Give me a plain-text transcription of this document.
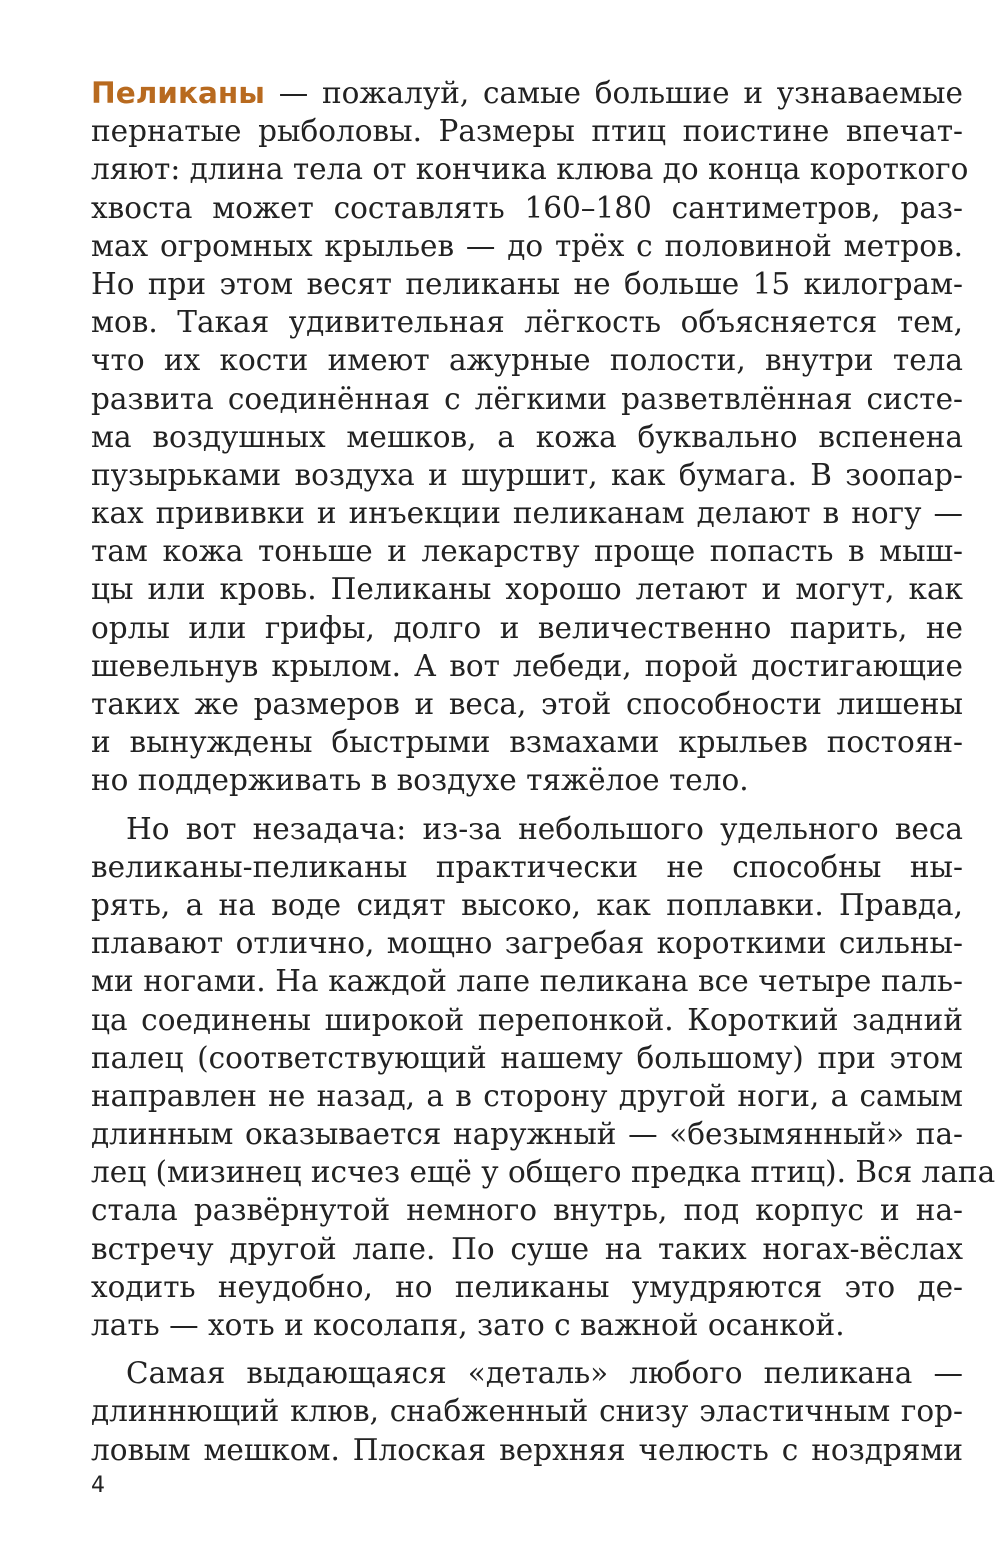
Пеликаны — пожалуй, самые большие и узнаваемые
пернатые рыболовы. Размеры птиц поистине впечат-
ляют: длина тела от кончика клюва до конца короткого
хвоста может составлять 160–180 сантиметров, раз-
мах огромных крыльев — до трёх с половиной метров.
Но при этом весят пеликаны не больше 15 килограм-
мов. Такая удивительная лёгкость объясняется тем,
что их кости имеют ажурные полости, внутри тела
развита соединённая с лёгкими разветвлённая систе-
ма воздушных мешков, а кожа буквально вспенена
пузырьками воздуха и шуршит, как бумага. В зоопар-
ках прививки и инъекции пеликанам делают в ногу —
там кожа тоньше и лекарству проще попасть в мыш-
цы или кровь. Пеликаны хорошо летают и могут, как
орлы или грифы, долго и величественно парить, не
шевельнув крылом. А вот лебеди, порой достигающие
таких же размеров и веса, этой способности лишены
и вынуждены быстрыми взмахами крыльев постоян-
но поддерживать в воздухе тяжёлое тело.
Но вот незадача: из-за небольшого удельного веса
великаны-пеликаны практически не способны ны-
рять, а на воде сидят высоко, как поплавки. Правда,
плавают отлично, мощно загребая короткими сильны-
ми ногами. На каждой лапе пеликана все четыре паль-
ца соединены широкой перепонкой. Короткий задний
палец (соответствующий нашему большому) при этом
направлен не назад, а в сторону другой ноги, а самым
длинным оказывается наружный — «безымянный» па-
лец (мизинец исчез ещё у общего предка птиц). Вся лапа
стала развёрнутой немного внутрь, под корпус и на-
встречу другой лапе. По суше на таких ногах-вёслах
ходить неудобно, но пеликаны умудряются это де-
лать — хоть и косолапя, зато с важной осанкой.
Самая выдающаяся «деталь» любого пеликана —
длиннющий клюв, снабженный снизу эластичным гор-
ловым мешком. Плоская верхняя челюсть с ноздрями
4
